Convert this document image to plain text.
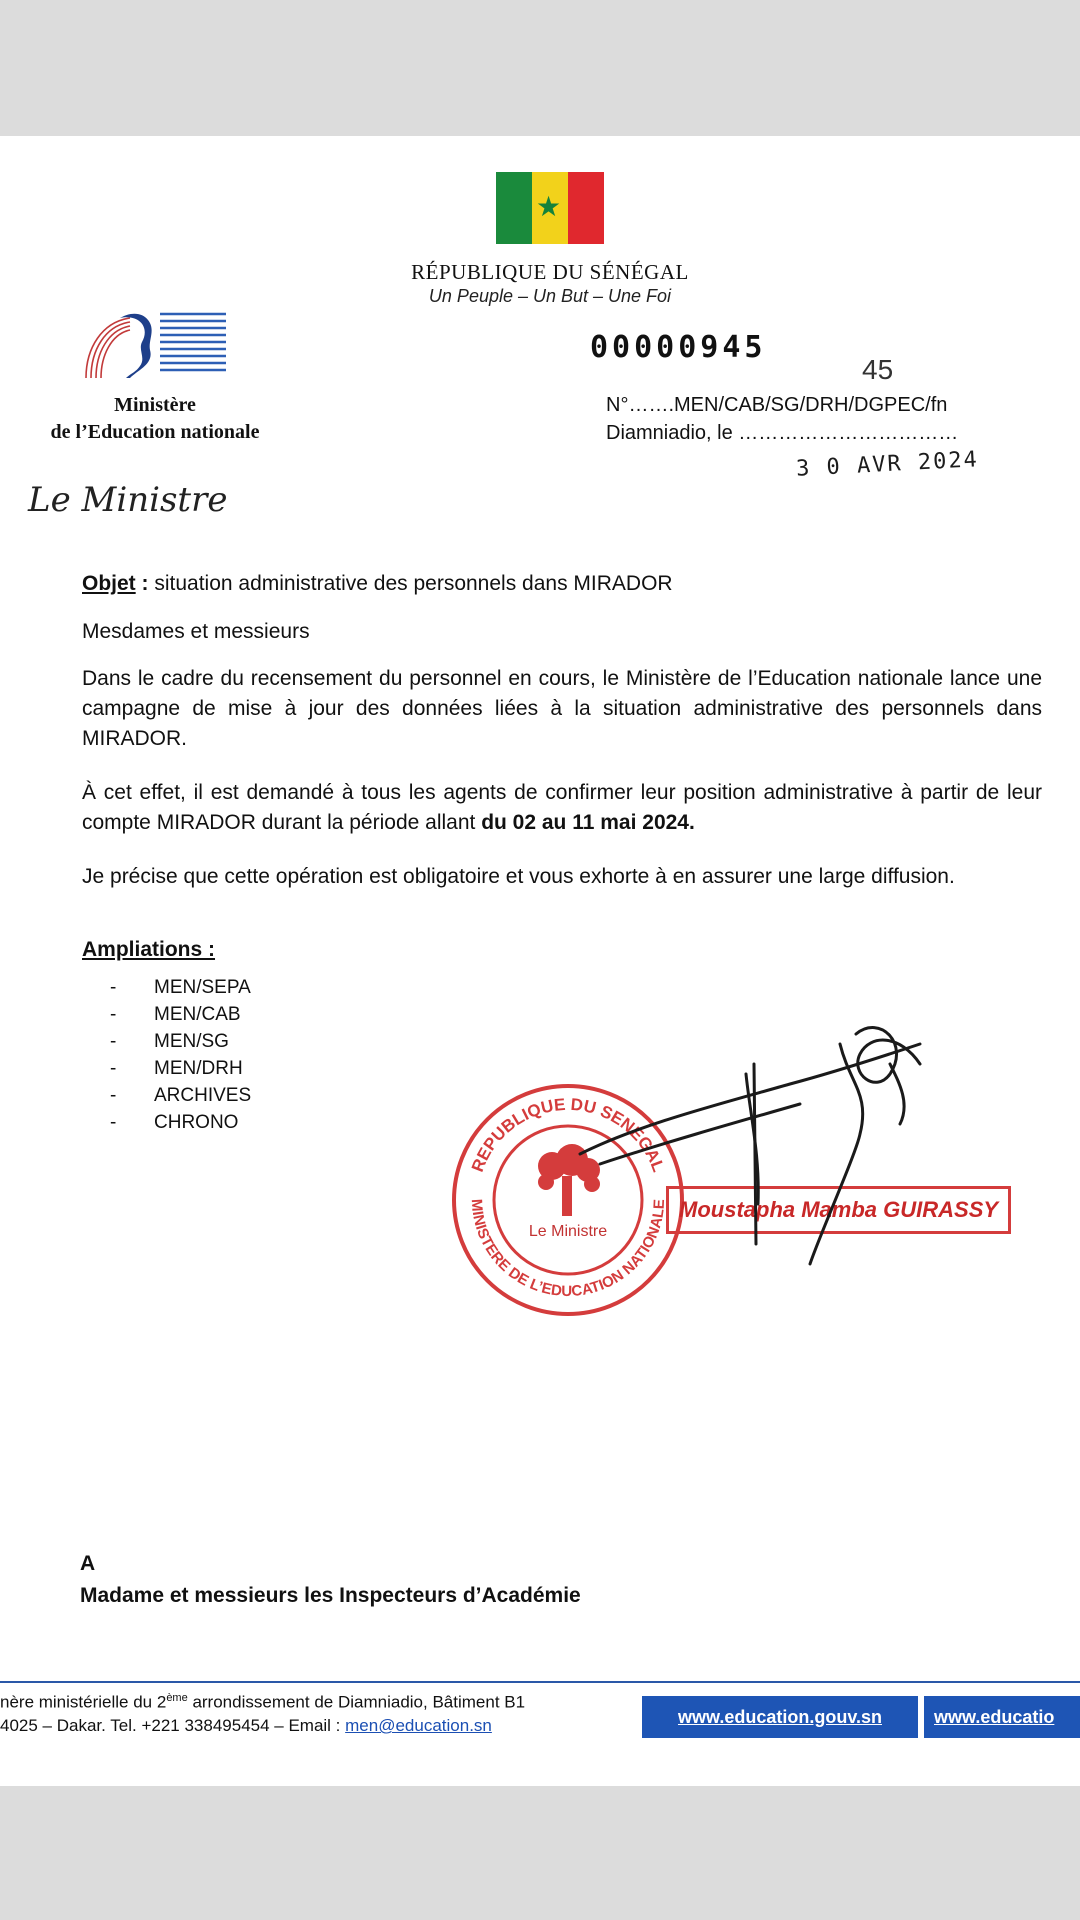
★
RÉPUBLIQUE DU SÉNÉGAL
Un Peuple – Un But – Une Foi
Ministère
de l’Education nationale
Le Ministre
00000945
45
N°…….MEN/CAB/SG/DRH/DGPEC/fn
Diamniadio, le ……………………………
3 0 AVR 2024
Objet : situation administrative des personnels dans MIRADOR
Mesdames et messieurs
Dans le cadre du recensement du personnel en cours, le Ministère de l’Education nationale lance une campagne de mise à jour des données liées à la situation administrative des personnels dans MIRADOR.
À cet effet, il est demandé à tous les agents de confirmer leur position administrative à partir de leur compte MIRADOR durant la période allant du 02 au 11 mai 2024.
Je précise que cette opération est obligatoire et vous exhorte à en assurer une large diffusion.
Ampliations :
-	MEN/SEPA
-	MEN/CAB
-	MEN/SG
-	MEN/DRH
-	ARCHIVES
-	CHRONO
REPUBLIQUE DU SENEGAL
MINISTERE DE L’EDUCATION NATIONALE
Le Ministre
Moustapha Mamba GUIRASSY
A
Madame et messieurs les Inspecteurs d’Académie
nère ministérielle du 2ème arrondissement de Diamniadio, Bâtiment B1
4025 – Dakar. Tel. +221 338495454 – Email : men@education.sn	www.education.gouv.sn	www.educatio
